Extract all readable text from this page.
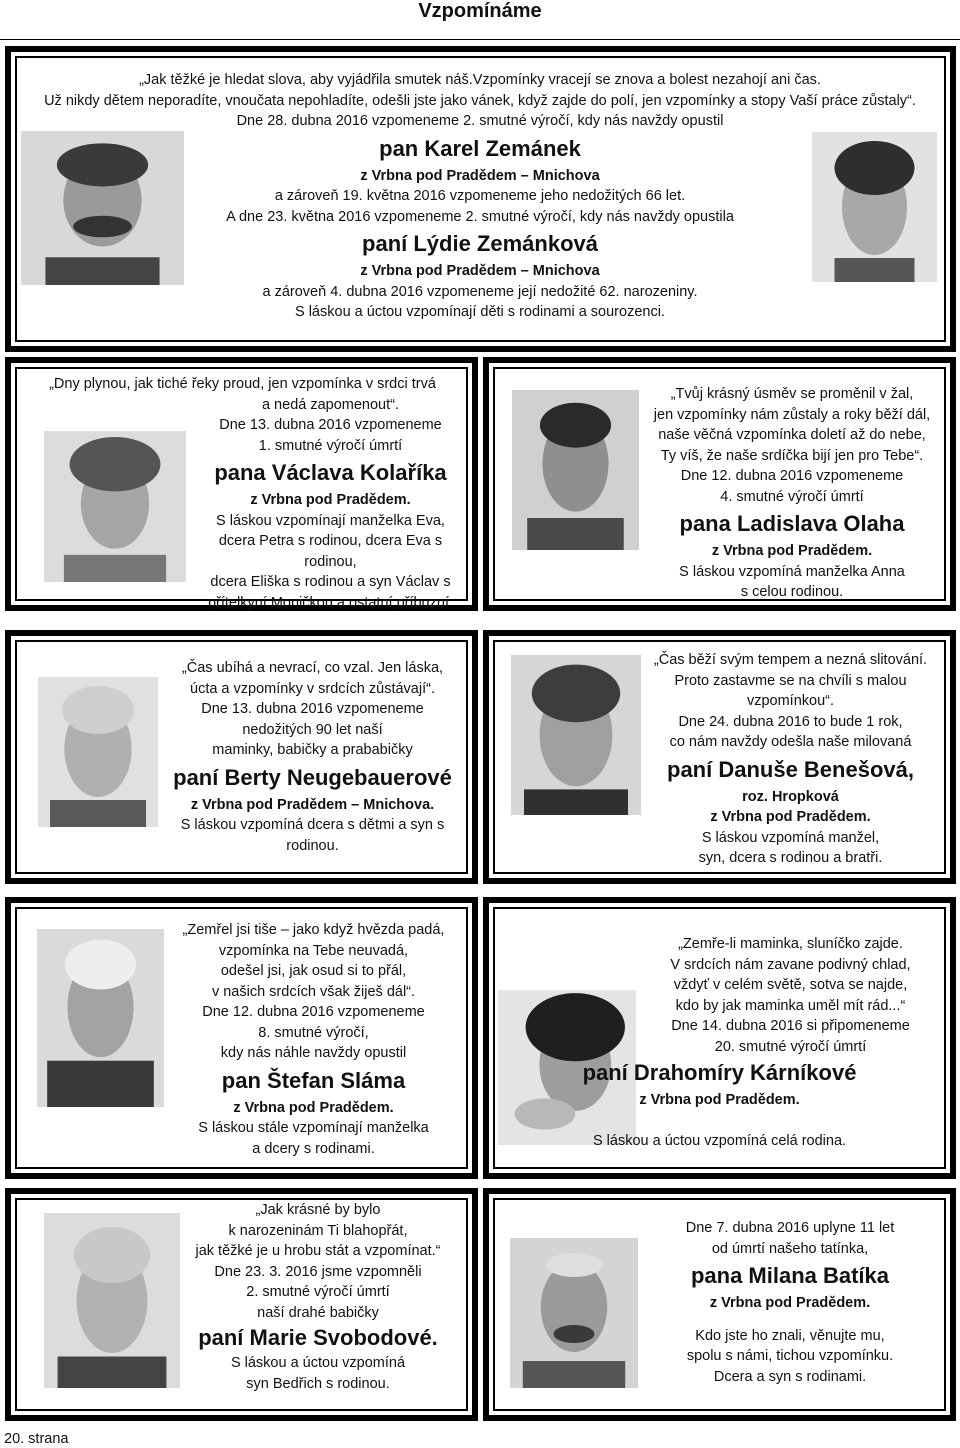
Vzpomínáme

„Jak těžké je hledat slova, aby vyjádřila smutek náš.Vzpomínky vracejí se znova a bolest nezahojí ani čas.

Už nikdy dětem neporadíte, vnoučata nepohladíte, odešli jste jako vánek, když zajde do polí, jen vzpomínky a stopy Vaší práce zůstaly“.

Dne 28. dubna 2016 vzpomeneme 2. smutné výročí, kdy nás navždy opustil

pan Karel Zemánek

z Vrbna pod Pradědem – Mnichova

a zároveň 19. května 2016 vzpomeneme jeho nedožitých 66 let.

A dne 23. května 2016 vzpomeneme 2. smutné výročí, kdy nás navždy opustila

paní Lýdie Zemánková

z Vrbna pod Pradědem – Mnichova

a zároveň 4. dubna 2016 vzpomeneme její nedožité 62. narozeniny.

S láskou a úctou vzpomínají děti s rodinami a sourozenci.

„Dny plynou, jak tiché řeky proud, jen vzpomínka v srdci trvá

a nedá zapomenout“.

Dne 13. dubna 2016 vzpomeneme

1. smutné výročí úmrtí

pana Václava Kolaříka

z Vrbna pod Pradědem.

S láskou vzpomínají manželka Eva,

dcera Petra s rodinou, dcera Eva s rodinou,

dcera Eliška s rodinou a syn Václav s

přítelkyní Moničkou a ostatní příbuzní.

„Tvůj krásný úsměv se proměnil v žal,

jen vzpomínky nám zůstaly a roky běží dál,

naše věčná vzpomínka doletí až do nebe,

Ty víš, že naše srdíčka bijí jen pro Tebe“.

Dne 12. dubna 2016 vzpomeneme

4. smutné výročí úmrtí

pana Ladislava Olaha

z Vrbna pod Pradědem.

S láskou vzpomíná manželka Anna

s celou rodinou.

„Čas ubíhá a nevrací, co vzal. Jen láska,

úcta a vzpomínky v srdcích zůstávají“.

Dne 13. dubna 2016 vzpomeneme

nedožitých 90 let naší

maminky, babičky a prababičky

paní Berty Neugebauerové

z Vrbna pod Pradědem – Mnichova.

S láskou vzpomíná dcera s dětmi a syn s

rodinou.

„Čas běží svým tempem a nezná slitování.

Proto zastavme se na chvíli s malou

vzpomínkou“.

Dne 24. dubna 2016 to bude 1 rok,

co nám navždy odešla naše milovaná

paní Danuše Benešová,

roz. Hropková

z Vrbna pod Pradědem.

S láskou vzpomíná manžel,

syn, dcera s rodinou a bratři.

„Zemřel jsi tiše – jako když hvězda padá,

vzpomínka na Tebe neuvadá,

odešel jsi, jak osud si to přál,

v našich srdcích však žiješ dál“.

Dne 12. dubna 2016 vzpomeneme

8. smutné výročí,

kdy nás náhle navždy opustil

pan Štefan Sláma

z Vrbna pod Pradědem.

S láskou stále vzpomínají manželka

a dcery s rodinami.

„Zemře-li maminka, sluníčko zajde.

V srdcích nám zavane podivný chlad,

vždyť v celém světě, sotva se najde,

kdo by jak maminka uměl mít rád...“

Dne 14. dubna 2016 si připomeneme

20. smutné výročí úmrtí

paní Drahomíry Kárníkové

z Vrbna pod Pradědem.

S láskou a úctou vzpomíná celá rodina.

„Jak krásné by bylo

k narozeninám Ti blahopřát,

jak těžké je u hrobu stát a vzpomínat.“

Dne 23. 3. 2016 jsme vzpomněli

2. smutné výročí úmrtí

naší drahé babičky

paní Marie Svobodové.

S láskou a úctou vzpomíná

syn Bedřich s rodinou.

Dne 7. dubna 2016 uplyne 11 let

od úmrtí našeho tatínka,

pana Milana Batíka

z Vrbna pod Pradědem.

Kdo jste ho znali, věnujte mu,

spolu s námi, tichou vzpomínku.

Dcera a syn s rodinami.

20. strana
